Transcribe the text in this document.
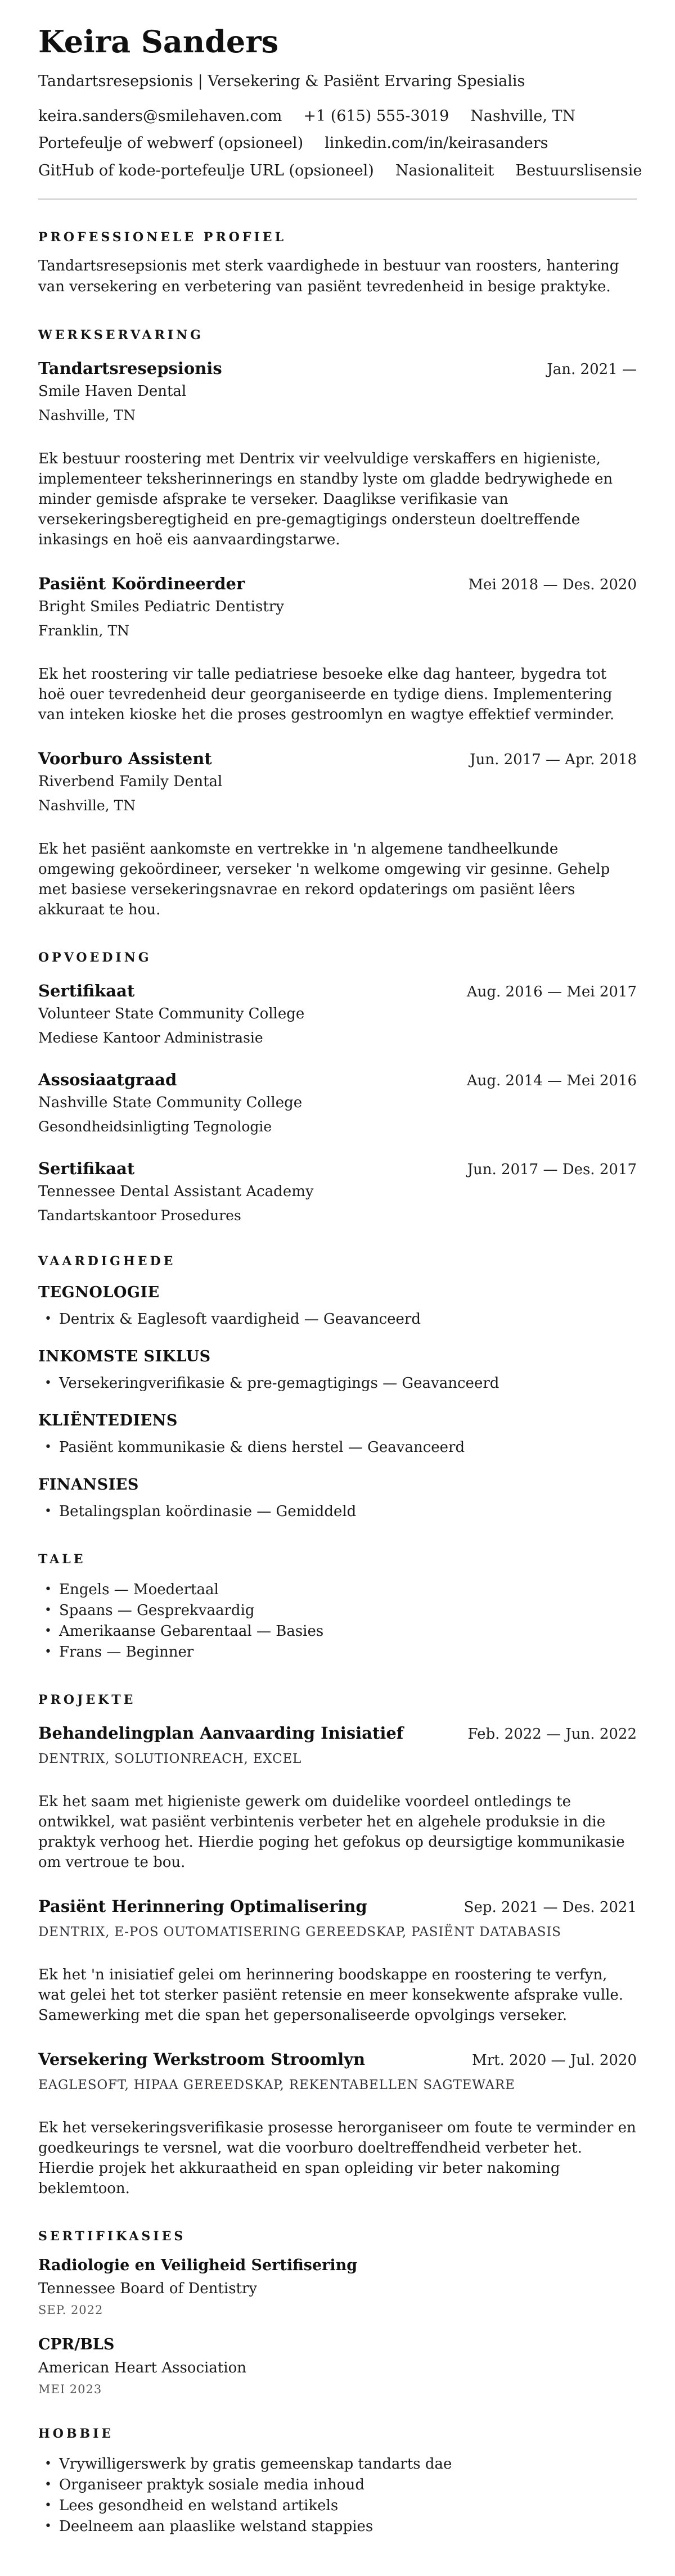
Keira Sanders
Tandartsresepsionis | Versekering & Pasiënt Ervaring Spesialis
keira.sanders@smilehaven.com +1 (615) 555-3019 Nashville, TN
Portefeulje of webwerf (opsioneel) linkedin.com/in/keirasanders
GitHub of kode-portefeulje URL (opsioneel) Nasionaliteit Bestuurslisensie
PROFESSIONELE PROFIEL

Tandartsresepsionis met sterk vaardighede in bestuur van roosters, hantering van versekering en verbetering van pasiënt tevredenheid in besige praktyke.

WERKSERVARING
Tandartsresepsionis	Jan. 2021 —
Smile Haven Dental
Nashville, TN

Ek bestuur roostering met Dentrix vir veelvuldige verskaffers en higieniste, implementeer teksherinnerings en standby lyste om gladde bedrywighede en minder gemisde afsprake te verseker. Daaglikse verifikasie van versekeringsberegtigheid en pre-gemagtigings ondersteun doeltreffende inkasings en hoë eis aanvaardingstarwe.

Pasiënt Koördineerder	Mei 2018 — Des. 2020
Bright Smiles Pediatric Dentistry
Franklin, TN

Ek het roostering vir talle pediatriese besoeke elke dag hanteer, bygedra tot hoë ouer tevredenheid deur georganiseerde en tydige diens. Implementering van inteken kioske het die proses gestroomlyn en wagtye effektief verminder.

Voorburo Assistent	Jun. 2017 — Apr. 2018
Riverbend Family Dental
Nashville, TN

Ek het pasiënt aankomste en vertrekke in 'n algemene tandheelkunde omgewing gekoördineer, verseker 'n welkome omgewing vir gesinne. Gehelp met basiese versekeringsnavrae en rekord opdaterings om pasiënt lêers akkuraat te hou.

OPVOEDING
Sertifikaat	Aug. 2016 — Mei 2017
Volunteer State Community College
Mediese Kantoor Administrasie
Assosiaatgraad	Aug. 2014 — Mei 2016
Nashville State Community College
Gesondheidsinligting Tegnologie
Sertifikaat	Jun. 2017 — Des. 2017
Tennessee Dental Assistant Academy
Tandartskantoor Prosedures
VAARDIGHEDE
TEGNOLOGIE
• Dentrix & Eaglesoft vaardigheid — Geavanceerd
INKOMSTE SIKLUS
• Versekeringverifikasie & pre-gemagtigings — Geavanceerd
KLIËNTEDIENS
• Pasiënt kommunikasie & diens herstel — Geavanceerd
FINANSIES
• Betalingsplan koördinasie — Gemiddeld
TALE
• Engels — Moedertaal
• Spaans — Gesprekvaardig
• Amerikaanse Gebarentaal — Basies
• Frans — Beginner
PROJEKTE
Behandelingplan Aanvaarding Inisiatief	Feb. 2022 — Jun. 2022
DENTRIX, SOLUTIONREACH, EXCEL

Ek het saam met higieniste gewerk om duidelike voordeel ontledings te ontwikkel, wat pasiënt verbintenis verbeter het en algehele produksie in die praktyk verhoog het. Hierdie poging het gefokus op deursigtige kommunikasie om vertroue te bou.

Pasiënt Herinnering Optimalisering	Sep. 2021 — Des. 2021
DENTRIX, E-POS OUTOMATISERING GEREEDSKAP, PASIËNT DATABASIS

Ek het 'n inisiatief gelei om herinnering boodskappe en roostering te verfyn, wat gelei het tot sterker pasiënt retensie en meer konsekwente afsprake vulle. Samewerking met die span het gepersonaliseerde opvolgings verseker.

Versekering Werkstroom Stroomlyn	Mrt. 2020 — Jul. 2020
EAGLESOFT, HIPAA GEREEDSKAP, REKENTABELLEN SAGTEWARE

Ek het versekeringsverifikasie prosesse herorganiseer om foute te verminder en goedkeurings te versnel, wat die voorburo doeltreffendheid verbeter het. Hierdie projek het akkuraatheid en span opleiding vir beter nakoming beklemtoon.

SERTIFIKASIES
Radiologie en Veiligheid Sertifisering
Tennessee Board of Dentistry
SEP. 2022
CPR/BLS
American Heart Association
MEI 2023
HOBBIE
• Vrywilligerswerk by gratis gemeenskap tandarts dae
• Organiseer praktyk sosiale media inhoud
• Lees gesondheid en welstand artikels
• Deelneem aan plaaslike welstand stappies
